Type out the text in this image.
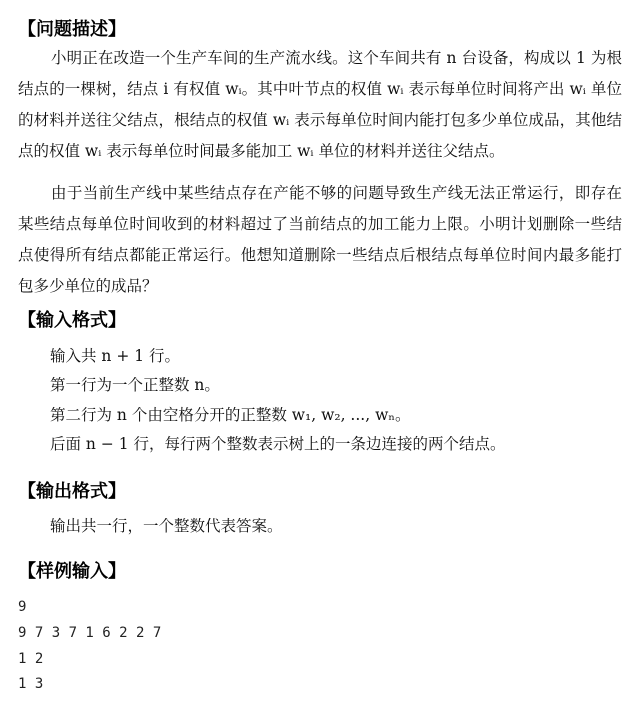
【问题描述】
小明正在改造一个生产车间的生产流水线。这个车间共有 n 台设备，构成以 1 为根结点的一棵树，结点 i 有权值 wᵢ。其中叶节点的权值 wᵢ 表示每单位时间将产出 wᵢ 单位的材料并送往父结点，根结点的权值 wᵢ 表示每单位时间内能打包多少单位成品，其他结点的权值 wᵢ 表示每单位时间最多能加工 wᵢ 单位的材料并送往父结点。
由于当前生产线中某些结点存在产能不够的问题导致生产线无法正常运行，即存在某些结点每单位时间收到的材料超过了当前结点的加工能力上限。小明计划删除一些结点使得所有结点都能正常运行。他想知道删除一些结点后根结点每单位时间内最多能打包多少单位的成品？
【输入格式】
输入共 n + 1 行。
第一行为一个正整数 n。
第二行为 n 个由空格分开的正整数 w₁, w₂, ..., wₙ。
后面 n − 1 行，每行两个整数表示树上的一条边连接的两个结点。
【输出格式】
输出共一行，一个整数代表答案。
【样例输入】
9
9 7 3 7 1 6 2 2 7
1 2
1 3
